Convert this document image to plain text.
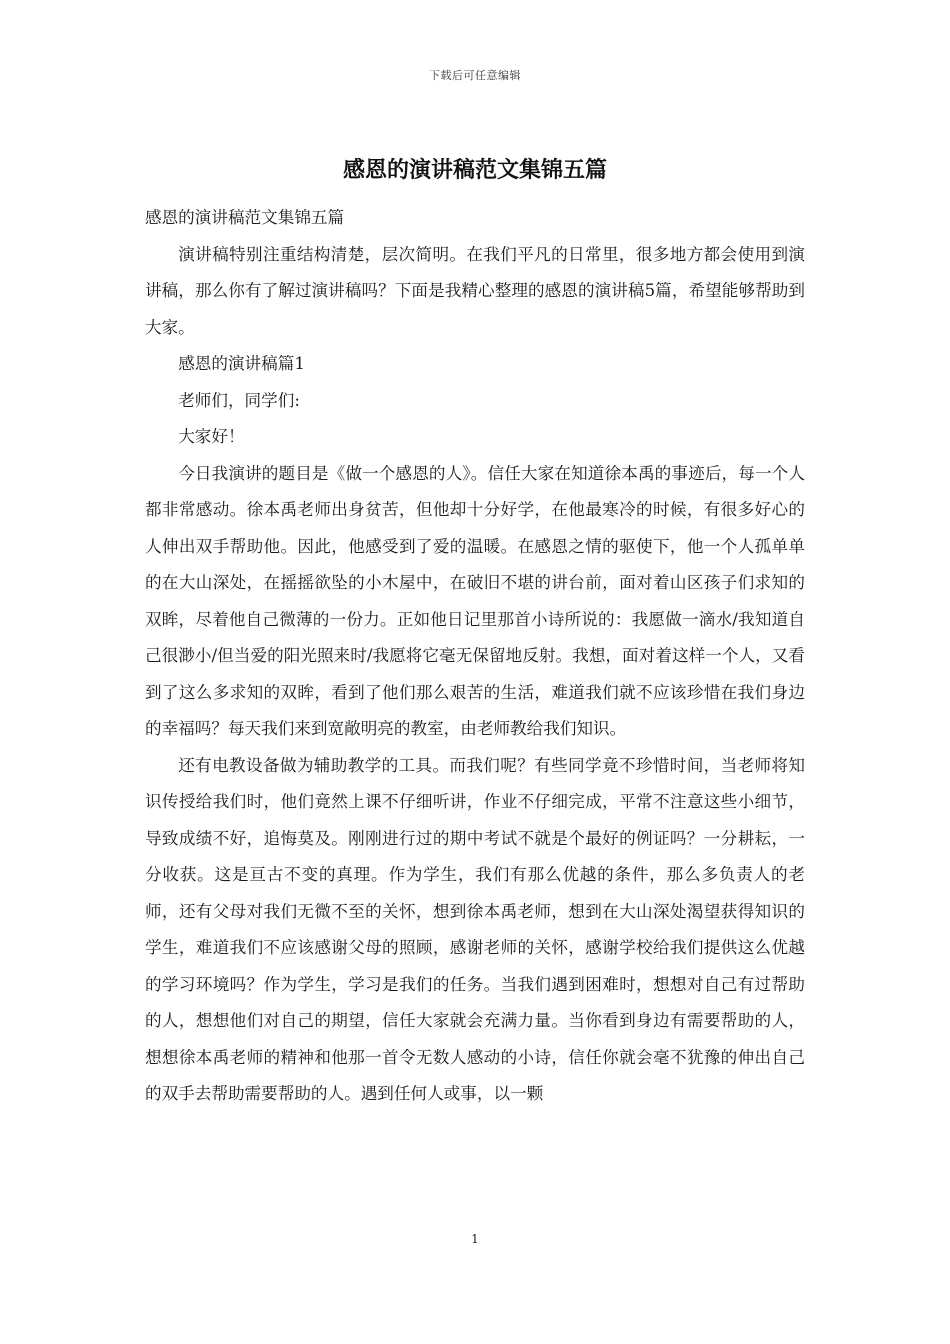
下载后可任意编辑
感恩的演讲稿范文集锦五篇

感恩的演讲稿范文集锦五篇

演讲稿特别注重结构清楚，层次简明。在我们平凡的日常里，很多地方都会使用到演讲稿，那么你有了解过演讲稿吗？下面是我精心整理的感恩的演讲稿5篇，希望能够帮助到大家。

感恩的演讲稿篇1

老师们，同学们:

大家好！

今日我演讲的题目是《做一个感恩的人》。信任大家在知道徐本禹的事迹后，每一个人都非常感动。徐本禹老师出身贫苦，但他却十分好学，在他最寒冷的时候，有很多好心的人伸出双手帮助他。因此，他感受到了爱的温暖。在感恩之情的驱使下，他一个人孤单单的在大山深处，在摇摇欲坠的小木屋中，在破旧不堪的讲台前，面对着山区孩子们求知的双眸，尽着他自己微薄的一份力。正如他日记里那首小诗所说的：我愿做一滴水/我知道自己很渺小/但当爱的阳光照来时/我愿将它毫无保留地反射。我想，面对着这样一个人，又看到了这么多求知的双眸，看到了他们那么艰苦的生活，难道我们就不应该珍惜在我们身边的幸福吗？每天我们来到宽敞明亮的教室，由老师教给我们知识。

还有电教设备做为辅助教学的工具。而我们呢？有些同学竟不珍惜时间，当老师将知识传授给我们时，他们竟然上课不仔细听讲，作业不仔细完成，平常不注意这些小细节，导致成绩不好，追悔莫及。刚刚进行过的期中考试不就是个最好的例证吗？一分耕耘，一分收获。这是亘古不变的真理。作为学生，我们有那么优越的条件，那么多负责人的老师，还有父母对我们无微不至的关怀，想到徐本禹老师，想到在大山深处渴望获得知识的学生，难道我们不应该感谢父母的照顾，感谢老师的关怀，感谢学校给我们提供这么优越的学习环境吗？作为学生，学习是我们的任务。当我们遇到困难时，想想对自己有过帮助的人，想想他们对自己的期望，信任大家就会充满力量。当你看到身边有需要帮助的人，想想徐本禹老师的精神和他那一首令无数人感动的小诗，信任你就会毫不犹豫的伸出自己的双手去帮助需要帮助的人。遇到任何人或事，以一颗

1
